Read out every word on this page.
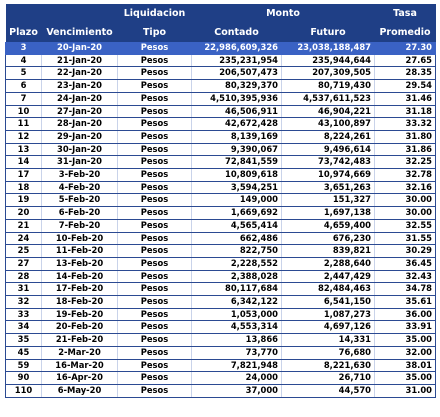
		Liquidacion	Monto		Tasa
Plazo	Vencimiento	Tipo	Contado	Futuro	Promedio
3	20-Jan-20	Pesos	22,986,609,326	23,038,188,487	27.30
4	21-Jan-20	Pesos	235,231,954	235,944,644	27.65
5	22-Jan-20	Pesos	206,507,473	207,309,505	28.35
6	23-Jan-20	Pesos	80,329,370	80,719,430	29.54
7	24-Jan-20	Pesos	4,510,395,936	4,537,611,523	31.46
10	27-Jan-20	Pesos	46,506,911	46,904,221	31.18
11	28-Jan-20	Pesos	42,672,428	43,100,897	33.32
12	29-Jan-20	Pesos	8,139,169	8,224,261	31.80
13	30-Jan-20	Pesos	9,390,067	9,496,614	31.86
14	31-Jan-20	Pesos	72,841,559	73,742,483	32.25
17	3-Feb-20	Pesos	10,809,618	10,974,669	32.78
18	4-Feb-20	Pesos	3,594,251	3,651,263	32.16
19	5-Feb-20	Pesos	149,000	151,327	30.00
20	6-Feb-20	Pesos	1,669,692	1,697,138	30.00
21	7-Feb-20	Pesos	4,565,414	4,659,400	32.55
24	10-Feb-20	Pesos	662,486	676,230	31.55
25	11-Feb-20	Pesos	822,750	839,821	30.29
27	13-Feb-20	Pesos	2,228,552	2,288,640	36.45
28	14-Feb-20	Pesos	2,388,028	2,447,429	32.43
31	17-Feb-20	Pesos	80,117,684	82,484,463	34.78
32	18-Feb-20	Pesos	6,342,122	6,541,150	35.61
33	19-Feb-20	Pesos	1,053,000	1,087,273	36.00
34	20-Feb-20	Pesos	4,553,314	4,697,126	33.91
35	21-Feb-20	Pesos	13,866	14,331	35.00
45	2-Mar-20	Pesos	73,770	76,680	32.00
59	16-Mar-20	Pesos	7,821,948	8,221,630	38.01
90	16-Apr-20	Pesos	24,000	26,710	35.00
110	6-May-20	Pesos	37,000	44,570	31.00
